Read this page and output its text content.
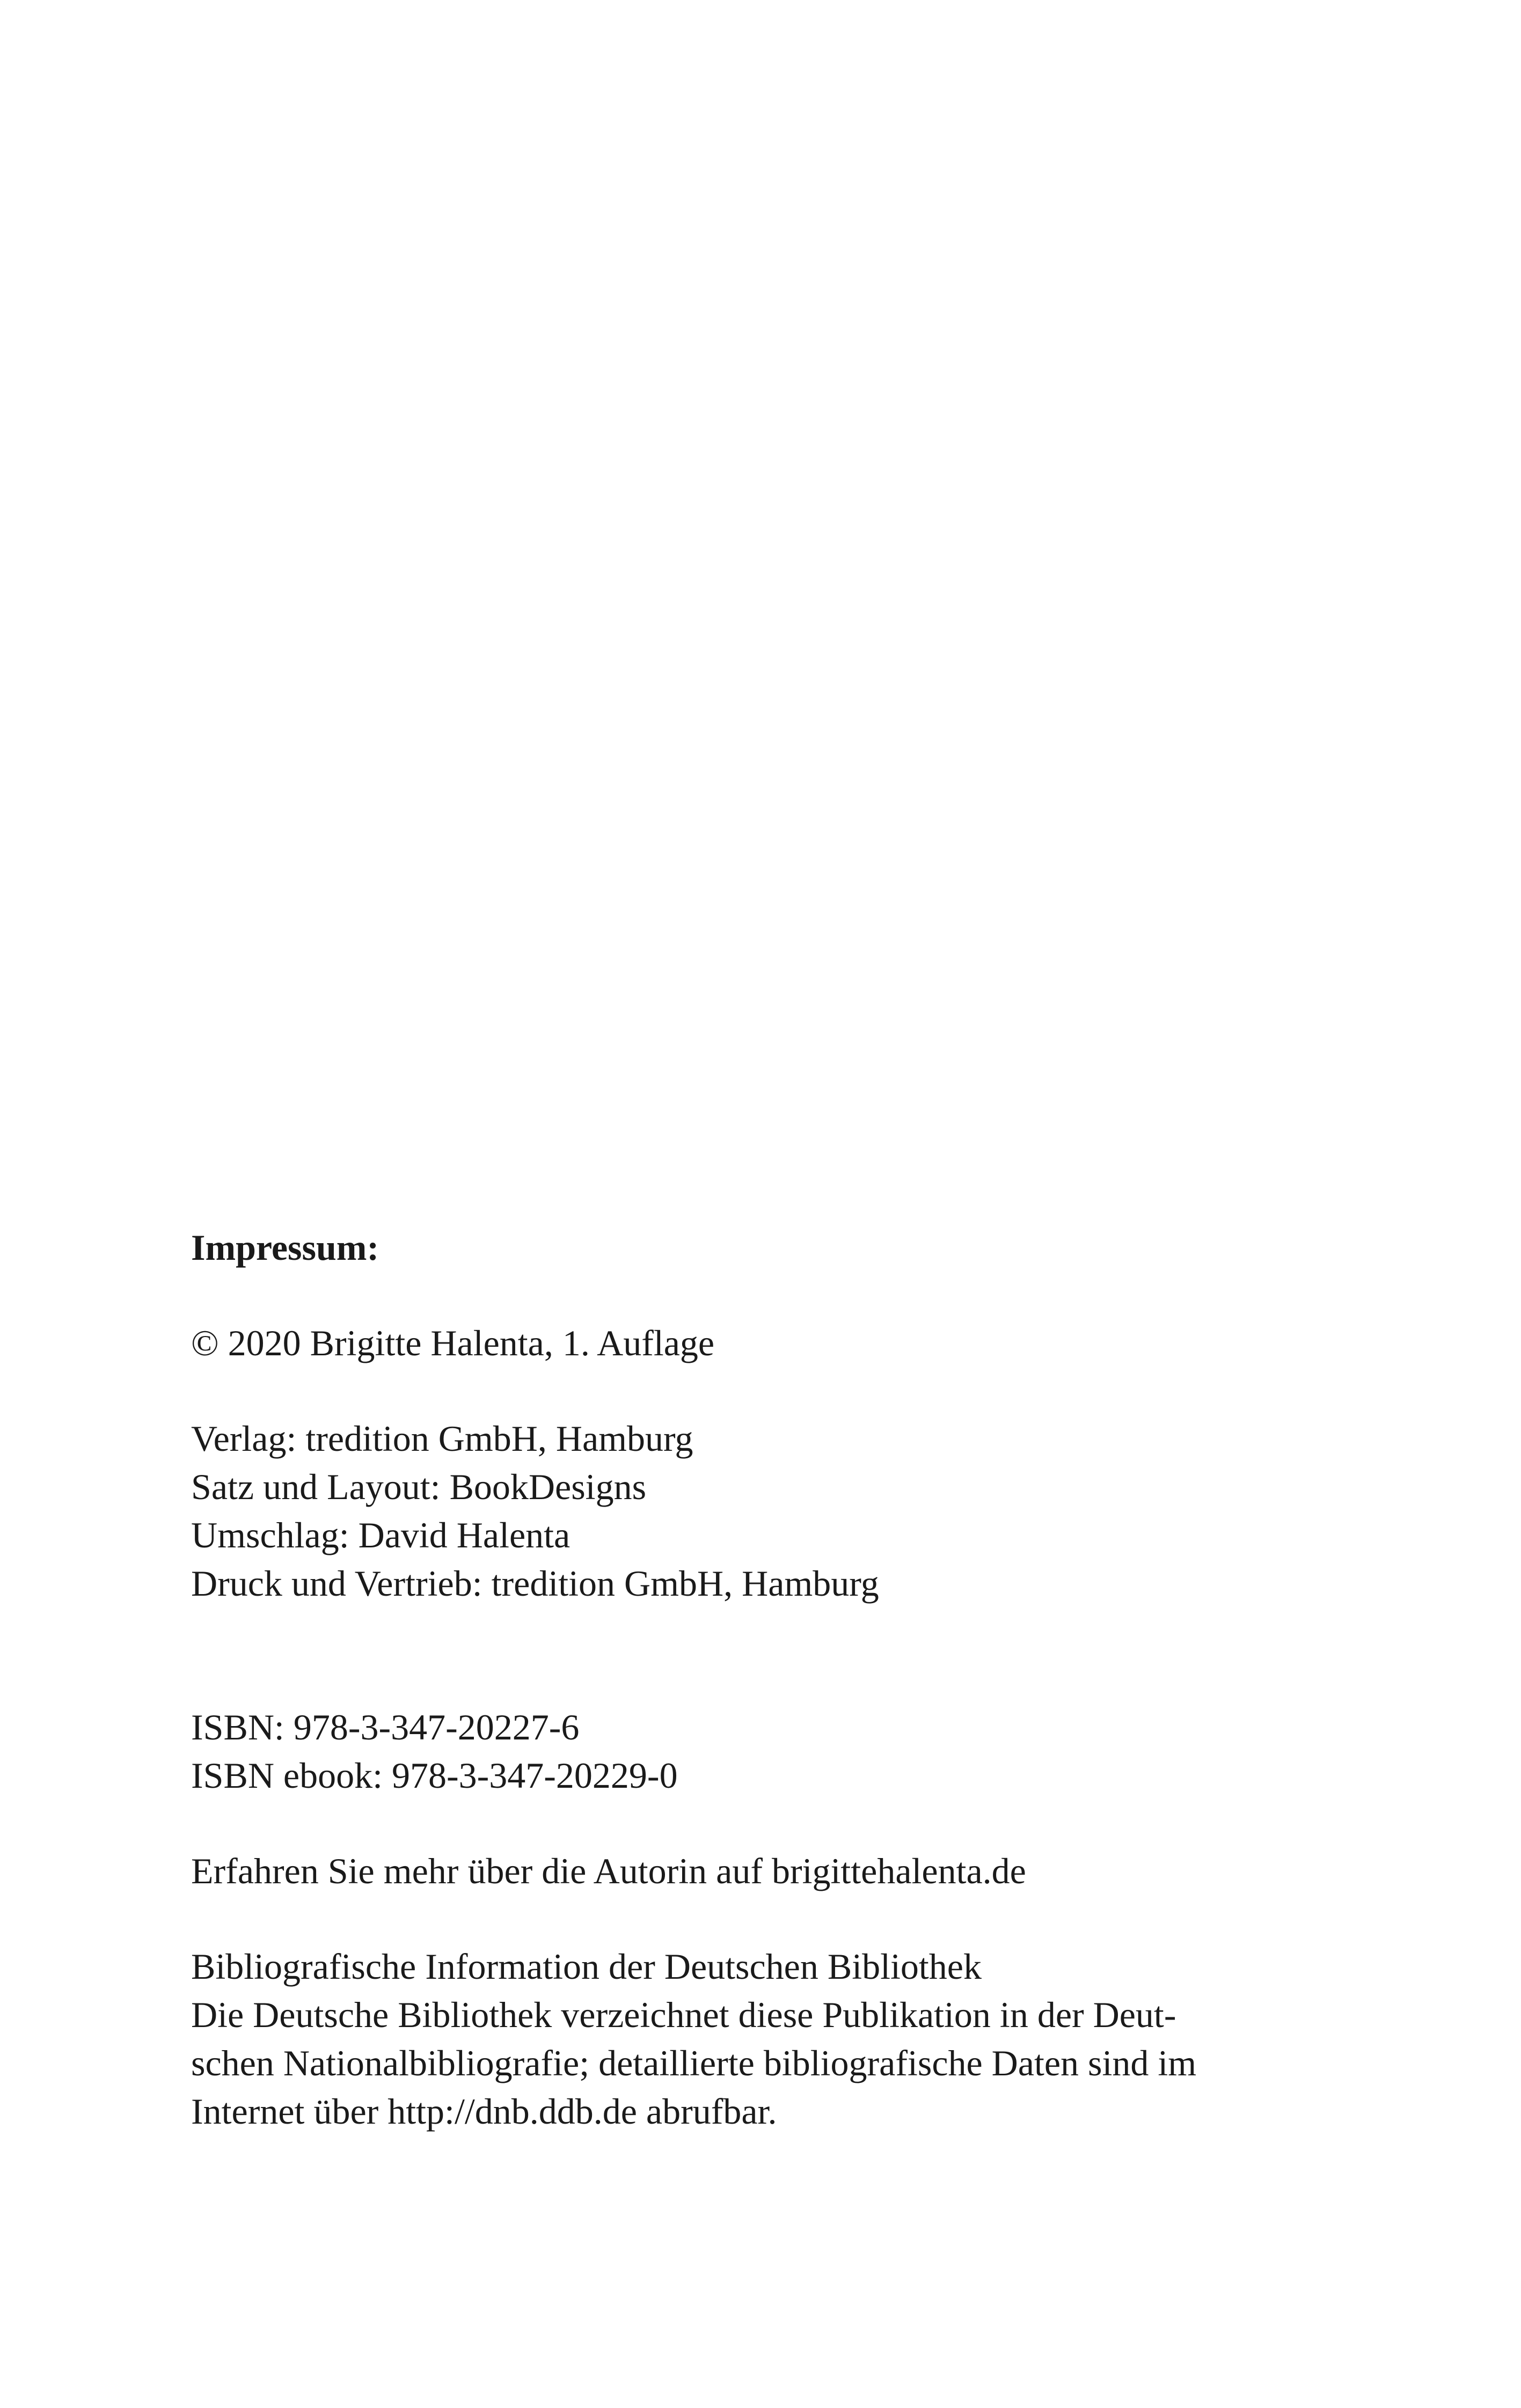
Impressum:
© 2020 Brigitte Halenta, 1. Auflage
Verlag: tredition GmbH, Hamburg
Satz und Layout: BookDesigns
Umschlag: David Halenta
Druck und Vertrieb: tredition GmbH, Hamburg
ISBN: 978-3-347-20227-6
ISBN ebook: 978-3-347-20229-0
Erfahren Sie mehr über die Autorin auf brigittehalenta.de
Bibliografische Information der Deutschen Bibliothek
Die Deutsche Bibliothek verzeichnet diese Publikation in der Deut-
schen Nationalbibliografie; detaillierte bibliografische Daten sind im
Internet über http://dnb.ddb.de abrufbar.
